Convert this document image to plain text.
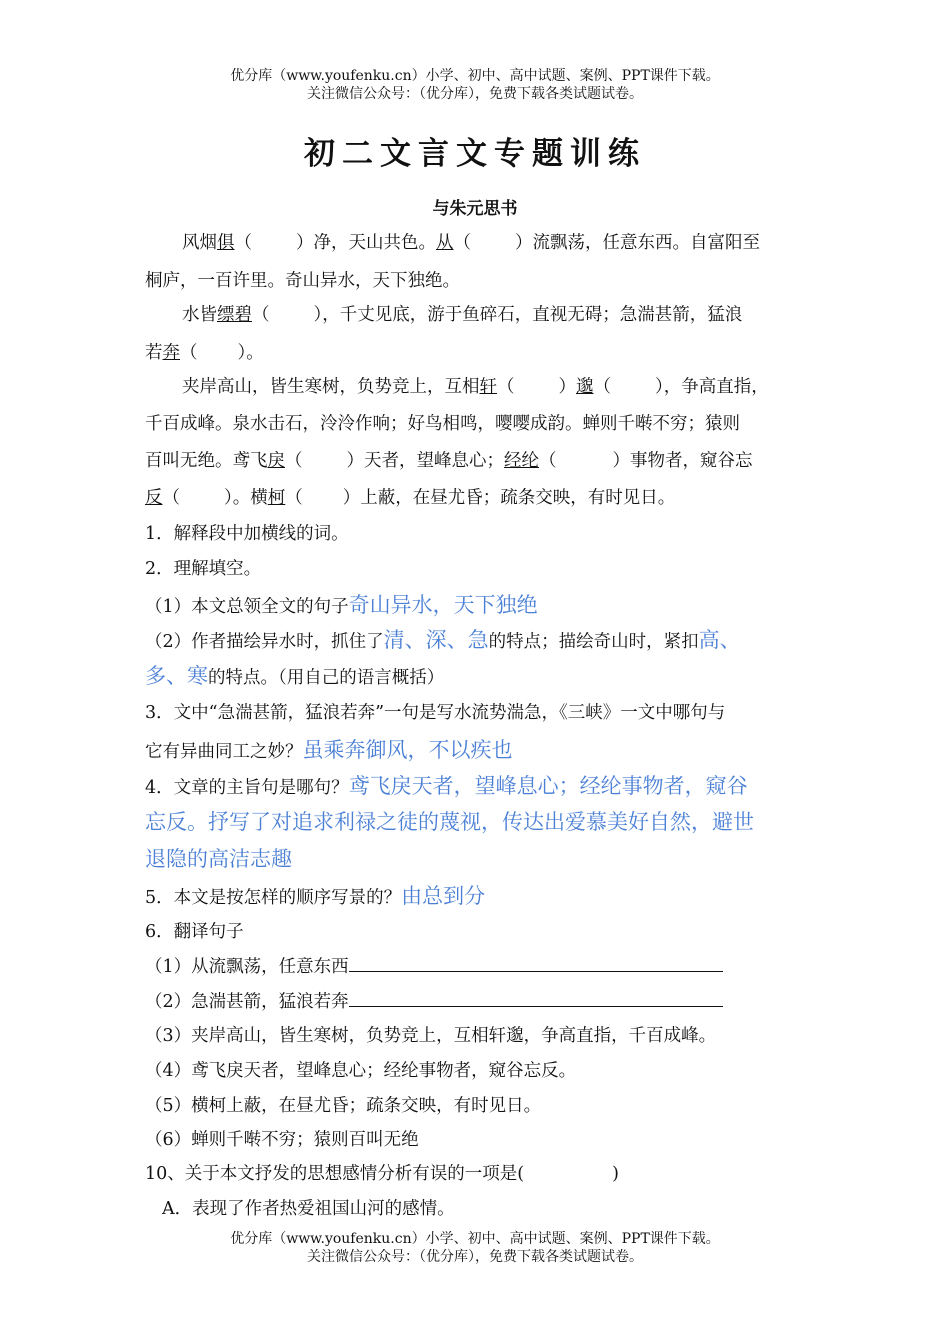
优分库（www.youfenku.cn）小学、初中、高中试题、案例、PPT课件下载。
关注微信公众号：（优分库），免费下载各类试题试卷。
初二文言文专题训练
与朱元思书
风烟俱（	）净，天山共色。从（	）流飘荡，任意东西。自富阳至
桐庐，一百许里。奇山异水，天下独绝。
水皆缥碧（	），千丈见底，游于鱼碎石，直视无碍；急湍甚箭，猛浪
若奔（ ）。
夹岸高山，皆生寒树，负势竞上，互相轩（	）邈（	），争高直指，
千百成峰。泉水击石，泠泠作响；好鸟相鸣，嘤嘤成韵。蝉则千啭不穷；猿则
百叫无绝。鸢飞戾（	）天者，望峰息心；经纶（	）事物者，窥谷忘
反（	）。横柯（ ）上蔽，在昼尤昏；疏条交映，有时见日。
1．解释段中加横线的词。
2．理解填空。
（1）本文总领全文的句子奇山异水，天下独绝
（2）作者描绘异水时，抓住了清、深、急的特点；描绘奇山时，紧扣高、
多、寒的特点。（用自己的语言概括）
3．文中“急湍甚箭，猛浪若奔”一句是写水流势湍急，《三峡》一文中哪句与
它有异曲同工之妙？虽乘奔御风，不以疾也
4．文章的主旨句是哪句？鸢飞戾天者，望峰息心；经纶事物者，窥谷
忘反。抒写了对追求利禄之徒的蔑视，传达出爱慕美好自然，避世
退隐的高洁志趣
5．本文是按怎样的顺序写景的？由总到分
6．翻译句子
（1）从流飘荡，任意东西
（2）急湍甚箭，猛浪若奔
（3）夹岸高山，皆生寒树，负势竞上，互相轩邈，争高直指，千百成峰。
（4）鸢飞戾天者，望峰息心；经纶事物者，窥谷忘反。
（5）横柯上蔽，在昼尤昏；疏条交映，有时见日。
（6）蝉则千啭不穷；猿则百叫无绝
10、关于本文抒发的思想感情分析有误的一项是(	)
A．表现了作者热爱祖国山河的感情。
优分库（www.youfenku.cn）小学、初中、高中试题、案例、PPT课件下载。
关注微信公众号：（优分库），免费下载各类试题试卷。
